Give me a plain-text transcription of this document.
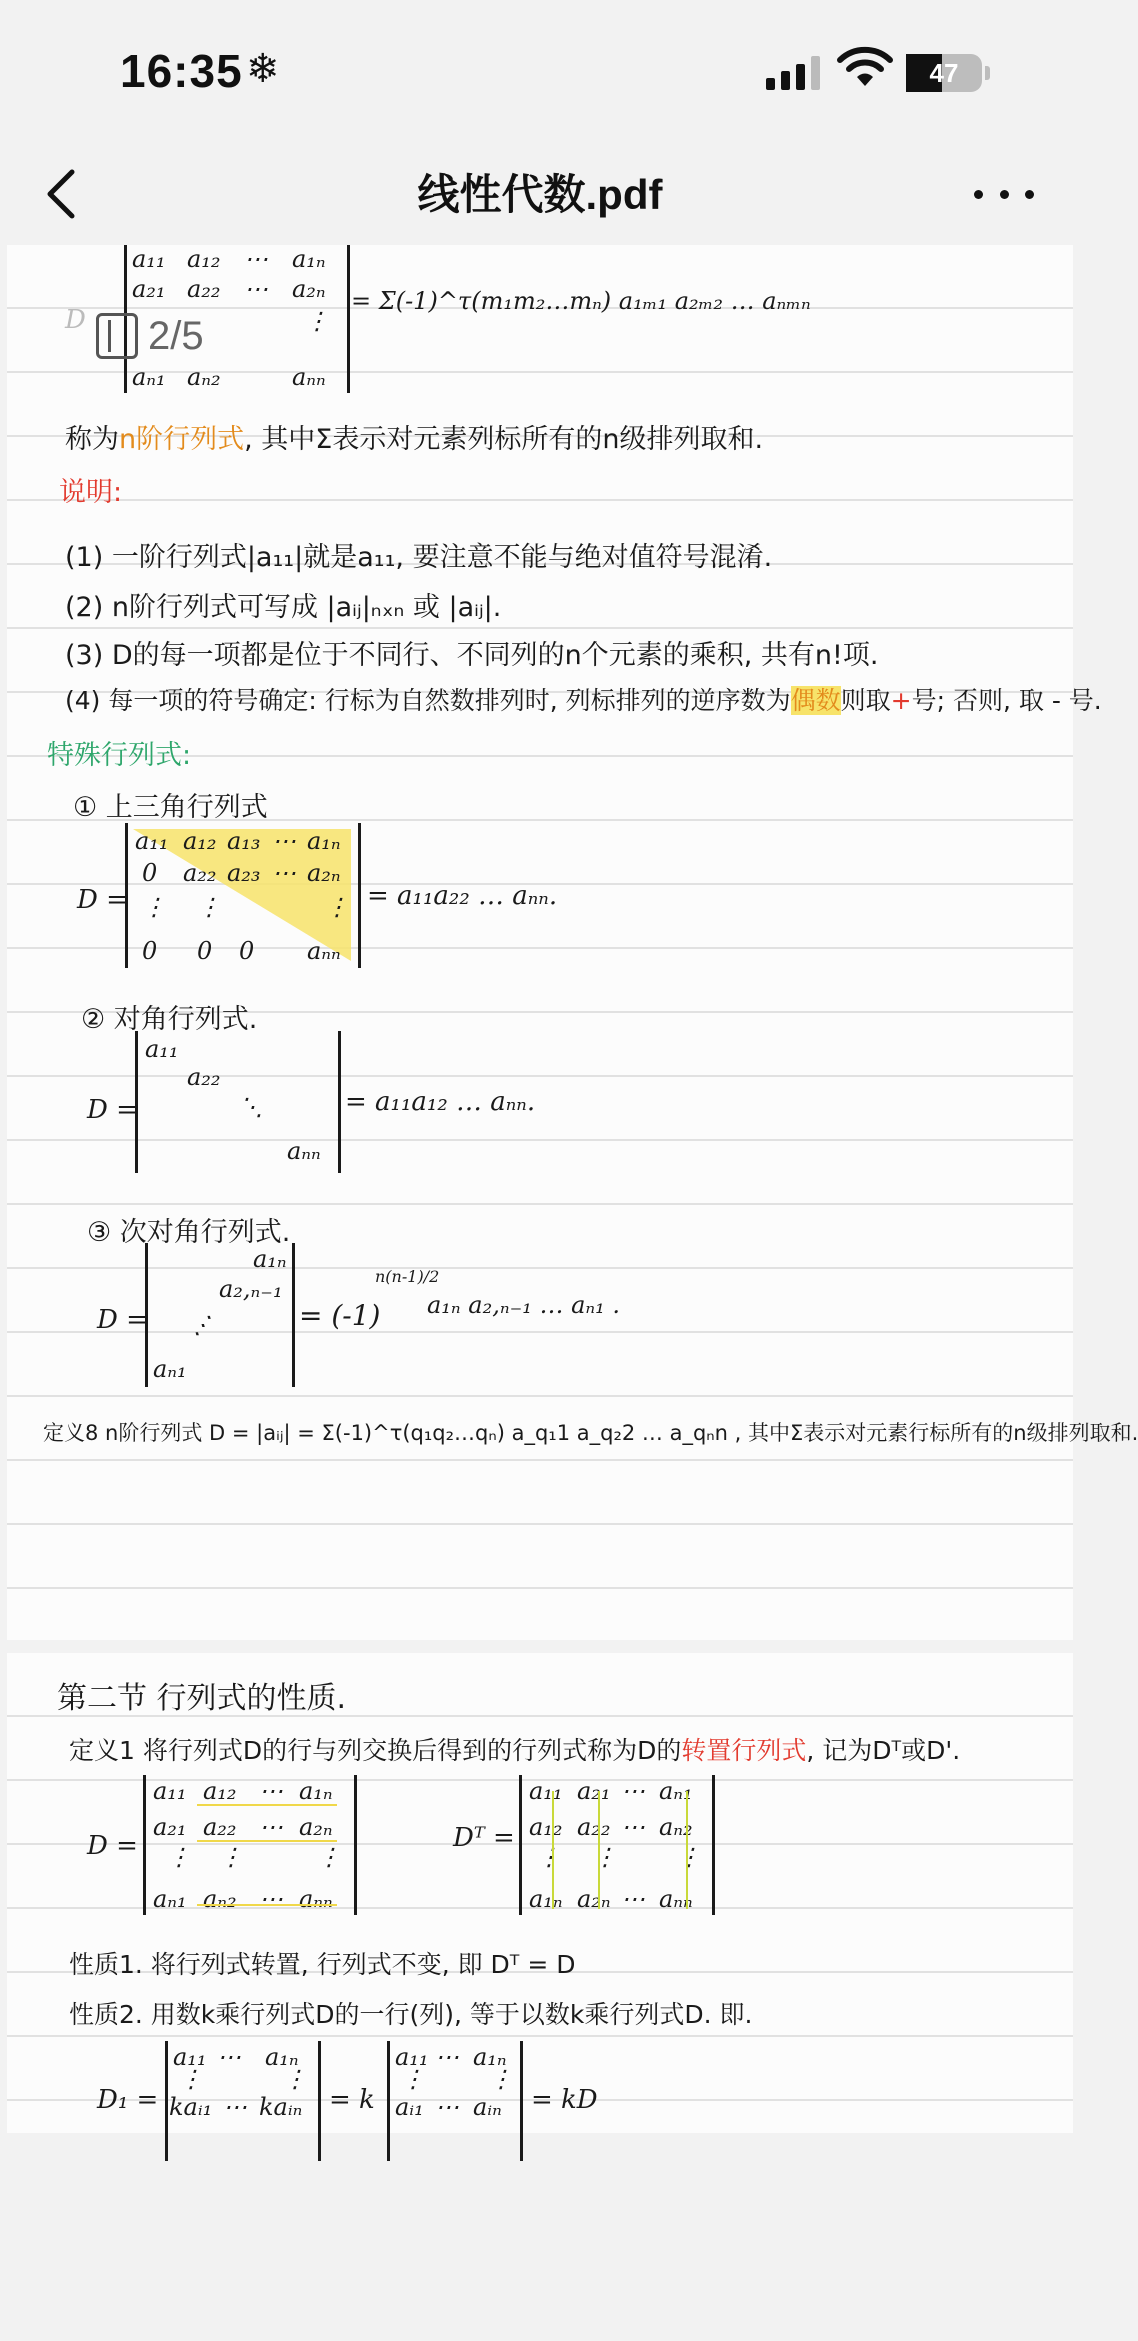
16:35 ❄	47
线性代数.pdf
a₁₁ a₁₂ ⋯ a₁ₙ
a₂₁ a₂₂ ⋯ a₂ₙ
⋮
aₙ₁ aₙ₂	aₙₙ
D
= Σ(-1)^τ(m₁m₂…mₙ) a₁ₘ₁ a₂ₘ₂ … aₙₘₙ
称为n阶行列式, 其中Σ表示对元素列标所有的n级排列取和.
说明:
(1) 一阶行列式|a₁₁|就是a₁₁, 要注意不能与绝对值符号混淆.
(2) n阶行列式可写成 |aᵢⱼ|ₙₓₙ 或 |aᵢⱼ|.
(3) D的每一项都是位于不同行、不同列的n个元素的乘积, 共有n!项.
(4) 每一项的符号确定: 行标为自然数排列时, 列标排列的逆序数为偶数则取+号; 否则, 取 - 号.
特殊行列式:
① 上三角行列式
D =
a₁₁ a₁₂ a₁₃ ⋯ a₁ₙ
0 a₂₂ a₂₃ ⋯ a₂ₙ
⋮ ⋮	⋮
0 0 0 aₙₙ
= a₁₁a₂₂ … aₙₙ.
② 对角行列式.
D =
a₁₁
a₂₂
⋱
aₙₙ
= a₁₁a₁₂ … aₙₙ.
③ 次对角行列式.
D =
a₁ₙ
a₂,ₙ₋₁
⋱
aₙ₁
= (-1)
n(n-1)/2
a₁ₙ a₂,ₙ₋₁ … aₙ₁ .
定义8 n阶行列式 D = |aᵢⱼ| = Σ(-1)^τ(q₁q₂…qₙ) a_q₁1 a_q₂2 … a_qₙn , 其中Σ表示对元素行标所有的n级排列取和.
2/5
第二节 行列式的性质.
定义1 将行列式D的行与列交换后得到的行列式称为D的转置行列式, 记为Dᵀ或D'.
D =
a₁₁ a₁₂ ⋯ a₁ₙ
a₂₁ a₂₂ ⋯ a₂ₙ
⋮ ⋮	⋮
aₙ₁ aₙ₂ ⋯ aₙₙ
Dᵀ =
a₁₁ a₂₁ ⋯ aₙ₁
a₁₂ a₂₂ ⋯ aₙ₂
⋮ ⋮	⋮
a₁ₙ a₂ₙ ⋯ aₙₙ
性质1. 将行列式转置, 行列式不变, 即 Dᵀ = D
性质2. 用数k乘行列式D的一行(列), 等于以数k乘行列式D. 即.
D₁ =
a₁₁ ⋯ a₁ₙ
⋮	⋮
kaᵢ₁ ⋯ kaᵢₙ = k
a₁₁ ⋯ a₁ₙ
⋮	⋮
aᵢ₁ ⋯ aᵢₙ = kD
